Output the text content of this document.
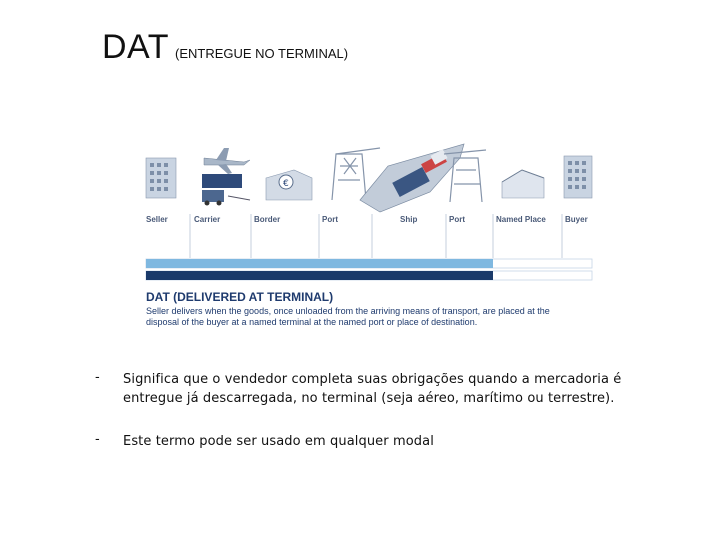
DAT (ENTREGUE NO TERMINAL)
€
Seller	Carrier	Border	Port	Ship	Port	Named Place Buyer
DAT (DELIVERED AT TERMINAL)
Seller delivers when the goods, once unloaded from the arriving means of transport, are placed at the disposal of the buyer at a named terminal at the named port or place of destination.
-	Significa que o vendedor completa suas obrigações quando a mercadoria é entregue já descarregada, no terminal (seja aéreo, marítimo ou terrestre).
-	Este termo pode ser usado em qualquer modal
